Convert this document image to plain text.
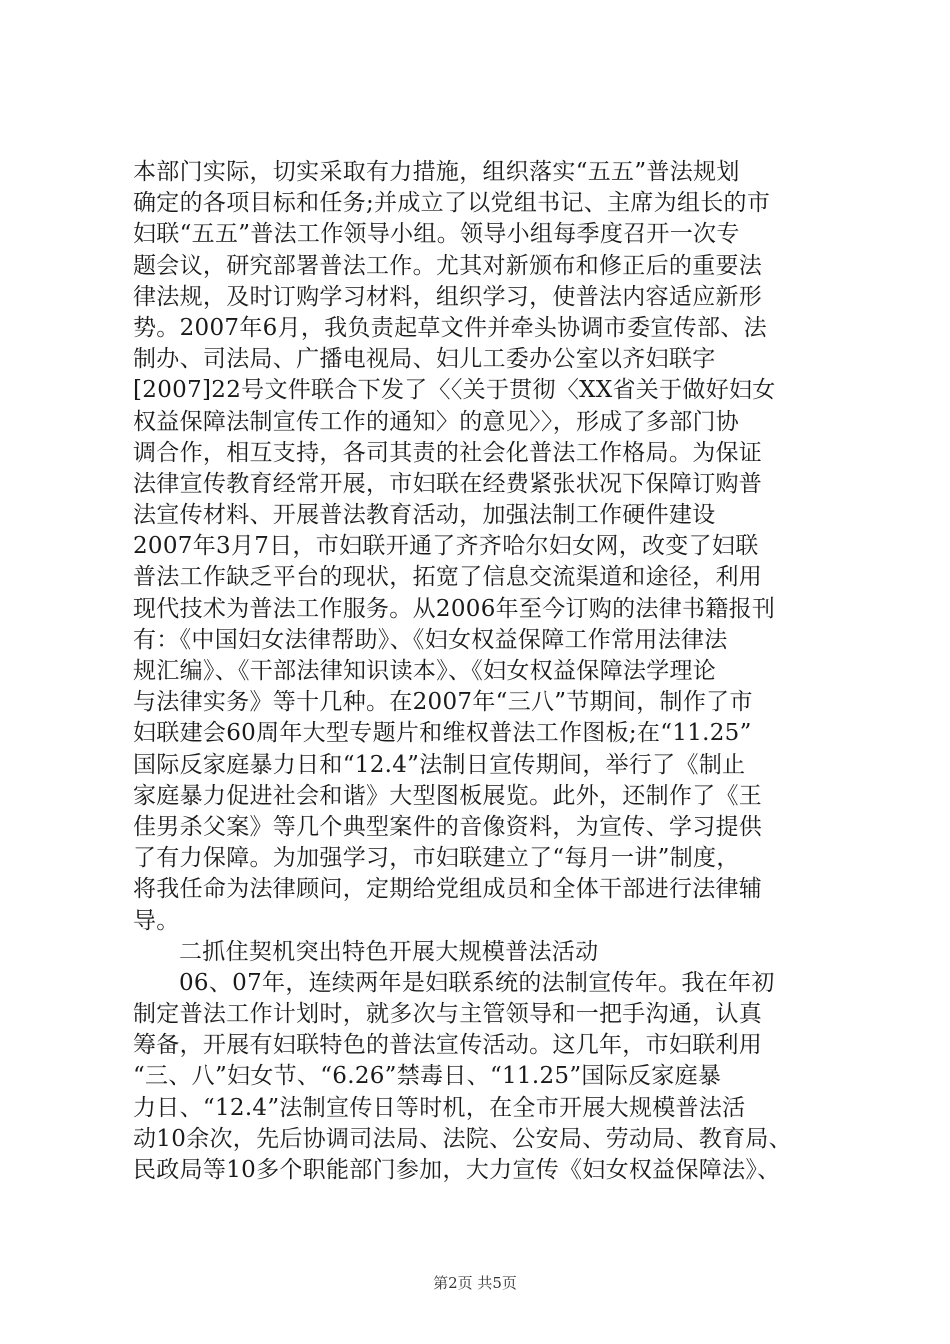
本部门实际，切实采取有力措施，组织落实“五五”普法规划
确定的各项目标和任务;并成立了以党组书记、主席为组长的市
妇联“五五”普法工作领导小组。领导小组每季度召开一次专
题会议，研究部署普法工作。尤其对新颁布和修正后的重要法
律法规，及时订购学习材料，组织学习，使普法内容适应新形
势。2007年6月，我负责起草文件并牵头协调市委宣传部、法
制办、司法局、广播电视局、妇儿工委办公室以齐妇联字
[2007]22号文件联合下发了〈〈关于贯彻〈XX省关于做好妇女
权益保障法制宣传工作的通知〉的意见〉〉，形成了多部门协
调合作，相互支持，各司其责的社会化普法工作格局。为保证
法律宣传教育经常开展，市妇联在经费紧张状况下保障订购普
法宣传材料、开展普法教育活动，加强法制工作硬件建设
2007年3月7日，市妇联开通了齐齐哈尔妇女网，改变了妇联
普法工作缺乏平台的现状，拓宽了信息交流渠道和途径，利用
现代技术为普法工作服务。从2006年至今订购的法律书籍报刊
有：《中国妇女法律帮助》、《妇女权益保障工作常用法律法
规汇编》、《干部法律知识读本》、《妇女权益保障法学理论
与法律实务》等十几种。在2007年“三八”节期间，制作了市
妇联建会60周年大型专题片和维权普法工作图板;在“11.25”
国际反家庭暴力日和“12.4”法制日宣传期间，举行了《制止
家庭暴力促进社会和谐》大型图板展览。此外，还制作了《王
佳男杀父案》等几个典型案件的音像资料，为宣传、学习提供
了有力保障。为加强学习，市妇联建立了“每月一讲”制度，
将我任命为法律顾问，定期给党组成员和全体干部进行法律辅
导。
二抓住契机突出特色开展大规模普法活动
06、07年，连续两年是妇联系统的法制宣传年。我在年初
制定普法工作计划时，就多次与主管领导和一把手沟通，认真
筹备，开展有妇联特色的普法宣传活动。这几年，市妇联利用
“三、八”妇女节、“6.26”禁毒日、“11.25”国际反家庭暴
力日、“12.4”法制宣传日等时机，在全市开展大规模普法活
动10余次，先后协调司法局、法院、公安局、劳动局、教育局、
民政局等10多个职能部门参加，大力宣传《妇女权益保障法》、
第2页 共5页
